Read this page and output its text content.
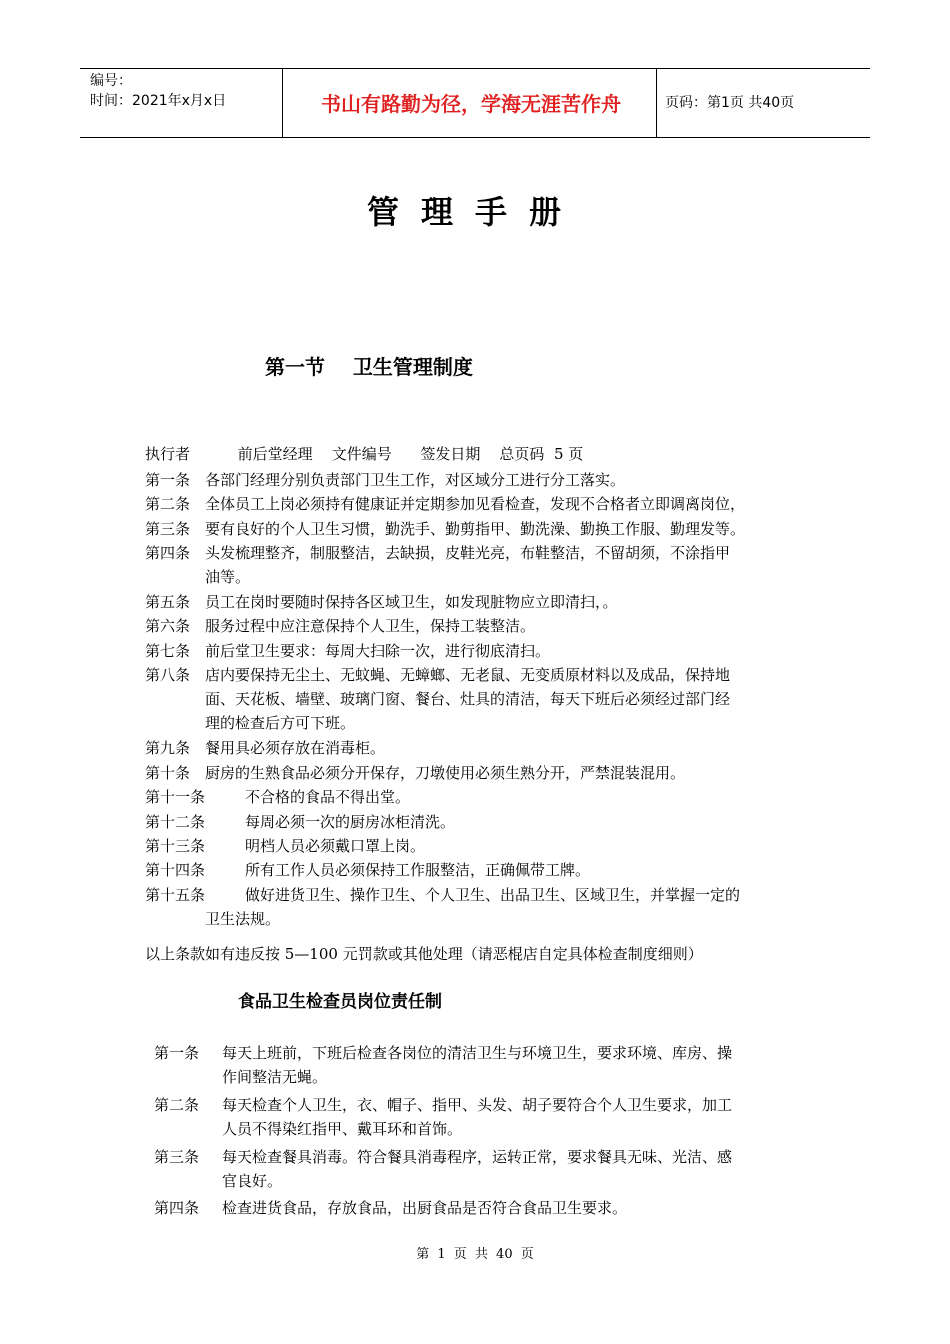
编号：
时间：2021年x月x日	书山有路勤为径，学海无涯苦作舟	页码：第1页 共40页
管理手册
第一节    卫生管理制度
执行者          前后堂经理    文件编号      签发日期    总页码  5 页
第一条 各部门经理分别负责部门卫生工作，对区域分工进行分工落实。
第二条 全体员工上岗必须持有健康证并定期参加见看检查，发现不合格者立即调离岗位，
第三条 要有良好的个人卫生习惯，勤洗手、勤剪指甲、勤洗澡、勤换工作服、勤理发等。
第四条 头发梳理整齐，制服整洁，去缺损，皮鞋光亮，布鞋整洁，不留胡须，不涂指甲
油等。
第五条 员工在岗时要随时保持各区域卫生，如发现脏物应立即清扫，。
第六条 服务过程中应注意保持个人卫生，保持工装整洁。
第七条 前后堂卫生要求：每周大扫除一次，进行彻底清扫。
第八条 店内要保持无尘土、无蚊蝇、无蟑螂、无老鼠、无变质原材料以及成品，保持地
面、天花板、墙壁、玻璃门窗、餐台、灶具的清洁，每天下班后必须经过部门经
理的检查后方可下班。
第九条 餐用具必须存放在消毒柜。
第十条 厨房的生熟食品必须分开保存，刀墩使用必须生熟分开，严禁混装混用。
第十一条	不合格的食品不得出堂。
第十二条	每周必须一次的厨房冰柜清洗。
第十三条	明档人员必须戴口罩上岗。
第十四条	所有工作人员必须保持工作服整洁，正确佩带工牌。
第十五条	做好进货卫生、操作卫生、个人卫生、出品卫生、区域卫生，并掌握一定的
卫生法规。
以上条款如有违反按 5—100 元罚款或其他处理（请恶棍店自定具体检查制度细则）
食品卫生检查员岗位责任制
第一条 每天上班前，下班后检查各岗位的清洁卫生与环境卫生，要求环境、库房、操
作间整洁无蝇。
第二条 每天检查个人卫生，衣、帽子、指甲、头发、胡子要符合个人卫生要求，加工
人员不得染红指甲、戴耳环和首饰。
第三条 每天检查餐具消毒。符合餐具消毒程序，运转正常，要求餐具无味、光洁、感
官良好。
第四条 检查进货食品，存放食品，出厨食品是否符合食品卫生要求。
第 1 页 共 40 页
